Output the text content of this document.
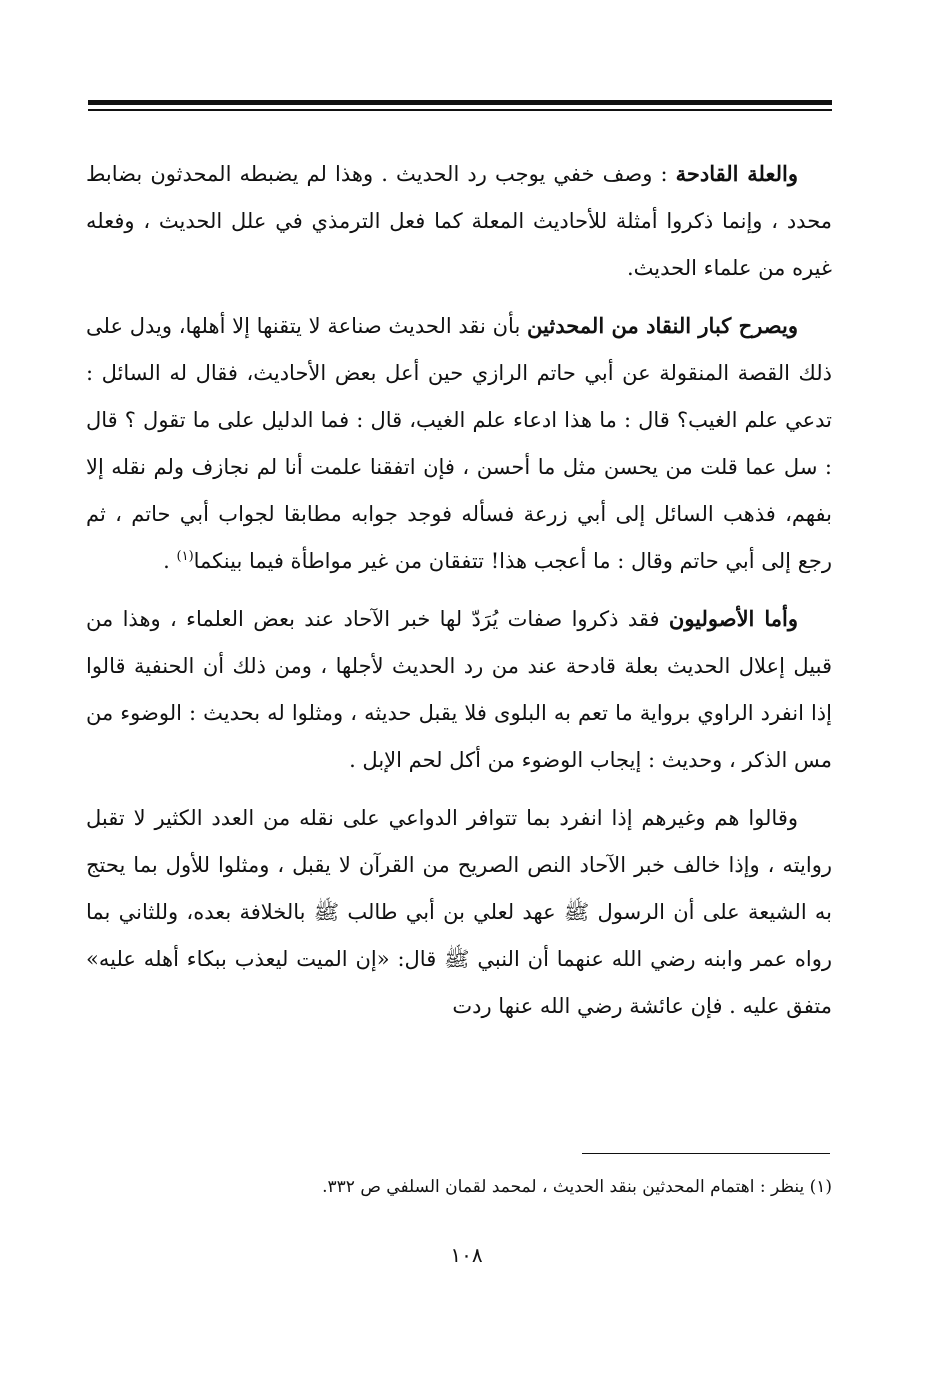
والعلة القادحة : وصف خفي يوجب رد الحديث . وهذا لم يضبطه المحدثون بضابط محدد ، وإنما ذكروا أمثلة للأحاديث المعلة كما فعل الترمذي في علل الحديث ، وفعله غيره من علماء الحديث.

ويصرح كبار النقاد من المحدثين بأن نقد الحديث صناعة لا يتقنها إلا أهلها، ويدل على ذلك القصة المنقولة عن أبي حاتم الرازي حين أعل بعض الأحاديث، فقال له السائل : تدعي علم الغيب؟ قال : ما هذا ادعاء علم الغيب، قال : فما الدليل على ما تقول ؟ قال : سل عما قلت من يحسن مثل ما أحسن ، فإن اتفقنا علمت أنا لم نجازف ولم نقله إلا بفهم، فذهب السائل إلى أبي زرعة فسأله فوجد جوابه مطابقا لجواب أبي حاتم ، ثم رجع إلى أبي حاتم وقال : ما أعجب هذا! تتفقان من غير مواطأة فيما بينكما$^{(١)}$ .

وأما الأصوليون فقد ذكروا صفات يُرَدّ لها خبر الآحاد عند بعض العلماء ، وهذا من قبيل إعلال الحديث بعلة قادحة عند من رد الحديث لأجلها ، ومن ذلك أن الحنفية قالوا إذا انفرد الراوي برواية ما تعم به البلوى فلا يقبل حديثه ، ومثلوا له بحديث : الوضوء من مس الذكر ، وحديث : إيجاب الوضوء من أكل لحم الإبل .

وقالوا هم وغيرهم إذا انفرد بما تتوافر الدواعي على نقله من العدد الكثير لا تقبل روايته ، وإذا خالف خبر الآحاد النص الصريح من القرآن لا يقبل ، ومثلوا للأول بما يحتج به الشيعة على أن الرسول ﷺ عهد لعلي بن أبي طالب ﷺ بالخلافة بعده، وللثاني بما رواه عمر وابنه رضي الله عنهما أن النبي ﷺ قال: «إن الميت ليعذب ببكاء أهله عليه» متفق عليه . فإن عائشة رضي الله عنها ردت

(١) ينظر : اهتمام المحدثين بنقد الحديث ، لمحمد لقمان السلفي ص ٣٣٢.
١٠٨
